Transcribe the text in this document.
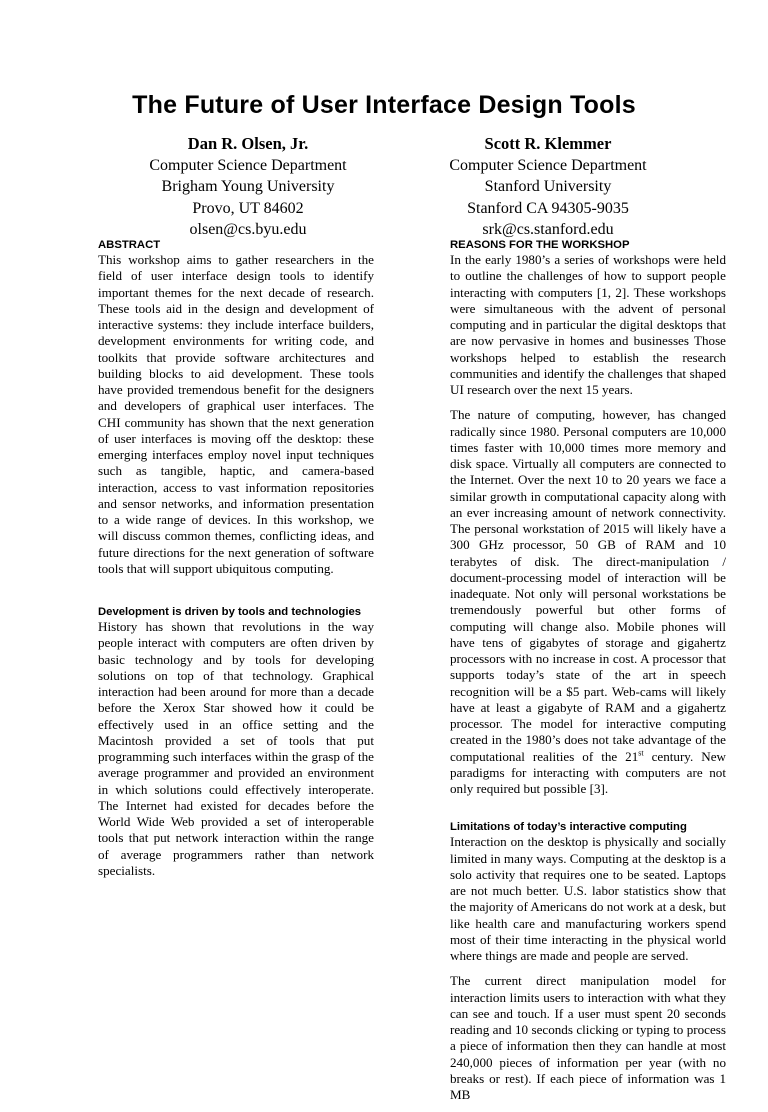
The Future of User Interface Design Tools
Dan R. Olsen, Jr.
Computer Science Department
Brigham Young University
Provo, UT 84602
olsen@cs.byu.edu
Scott R. Klemmer
Computer Science Department
Stanford University
Stanford CA 94305-9035
srk@cs.stanford.edu
ABSTRACT

This workshop aims to gather researchers in the field of user interface design tools to identify important themes for the next decade of research. These tools aid in the design and development of interactive systems: they include interface builders, development environments for writing code, and toolkits that provide software architectures and building blocks to aid development. These tools have provided tremendous benefit for the designers and developers of graphical user interfaces. The CHI community has shown that the next generation of user interfaces is moving off the desktop: these emerging interfaces employ novel input techniques such as tangible, haptic, and camera-based interaction, access to vast information repositories and sensor networks, and information presentation to a wide range of devices. In this workshop, we will discuss common themes, conflicting ideas, and future directions for the next generation of software tools that will support ubiquitous computing.

Development is driven by tools and technologies

History has shown that revolutions in the way people interact with computers are often driven by basic technology and by tools for developing solutions on top of that technology. Graphical interaction had been around for more than a decade before the Xerox Star showed how it could be effectively used in an office setting and the Macintosh provided a set of tools that put programming such interfaces within the grasp of the average programmer and provided an environment in which solutions could effectively interoperate. The Internet had existed for decades before the World Wide Web provided a set of interoperable tools that put network interaction within the range of average programmers rather than network specialists.

REASONS FOR THE WORKSHOP

In the early 1980’s a series of workshops were held to outline the challenges of how to support people interacting with computers [1, 2]. These workshops were simultaneous with the advent of personal computing and in particular the digital desktops that are now pervasive in homes and businesses Those workshops helped to establish the research communities and identify the challenges that shaped UI research over the next 15 years.

The nature of computing, however, has changed radically since 1980. Personal computers are 10,000 times faster with 10,000 times more memory and disk space. Virtually all computers are connected to the Internet. Over the next 10 to 20 years we face a similar growth in computational capacity along with an ever increasing amount of network connectivity. The personal workstation of 2015 will likely have a 300 GHz processor, 50 GB of RAM and 10 terabytes of disk. The direct-manipulation / document-processing model of interaction will be inadequate. Not only will personal workstations be tremendously powerful but other forms of computing will change also. Mobile phones will have tens of gigabytes of storage and gigahertz processors with no increase in cost. A processor that supports today’s state of the art in speech recognition will be a $5 part. Web-cams will likely have at least a gigabyte of RAM and a gigahertz processor. The model for interactive computing created in the 1980’s does not take advantage of the computational realities of the 21st century. New paradigms for interacting with computers are not only required but possible [3].

Limitations of today’s interactive computing

Interaction on the desktop is physically and socially limited in many ways. Computing at the desktop is a solo activity that requires one to be seated. Laptops are not much better. U.S. labor statistics show that the majority of Americans do not work at a desk, but like health care and manufacturing workers spend most of their time interacting in the physical world where things are made and people are served.

The current direct manipulation model for interaction limits users to interaction with what they can see and touch. If a user must spent 20 seconds reading and 10 seconds clicking or typing to process a piece of information then they can handle at most 240,000 pieces of information per year (with no breaks or rest). If each piece of information was 1 MB
